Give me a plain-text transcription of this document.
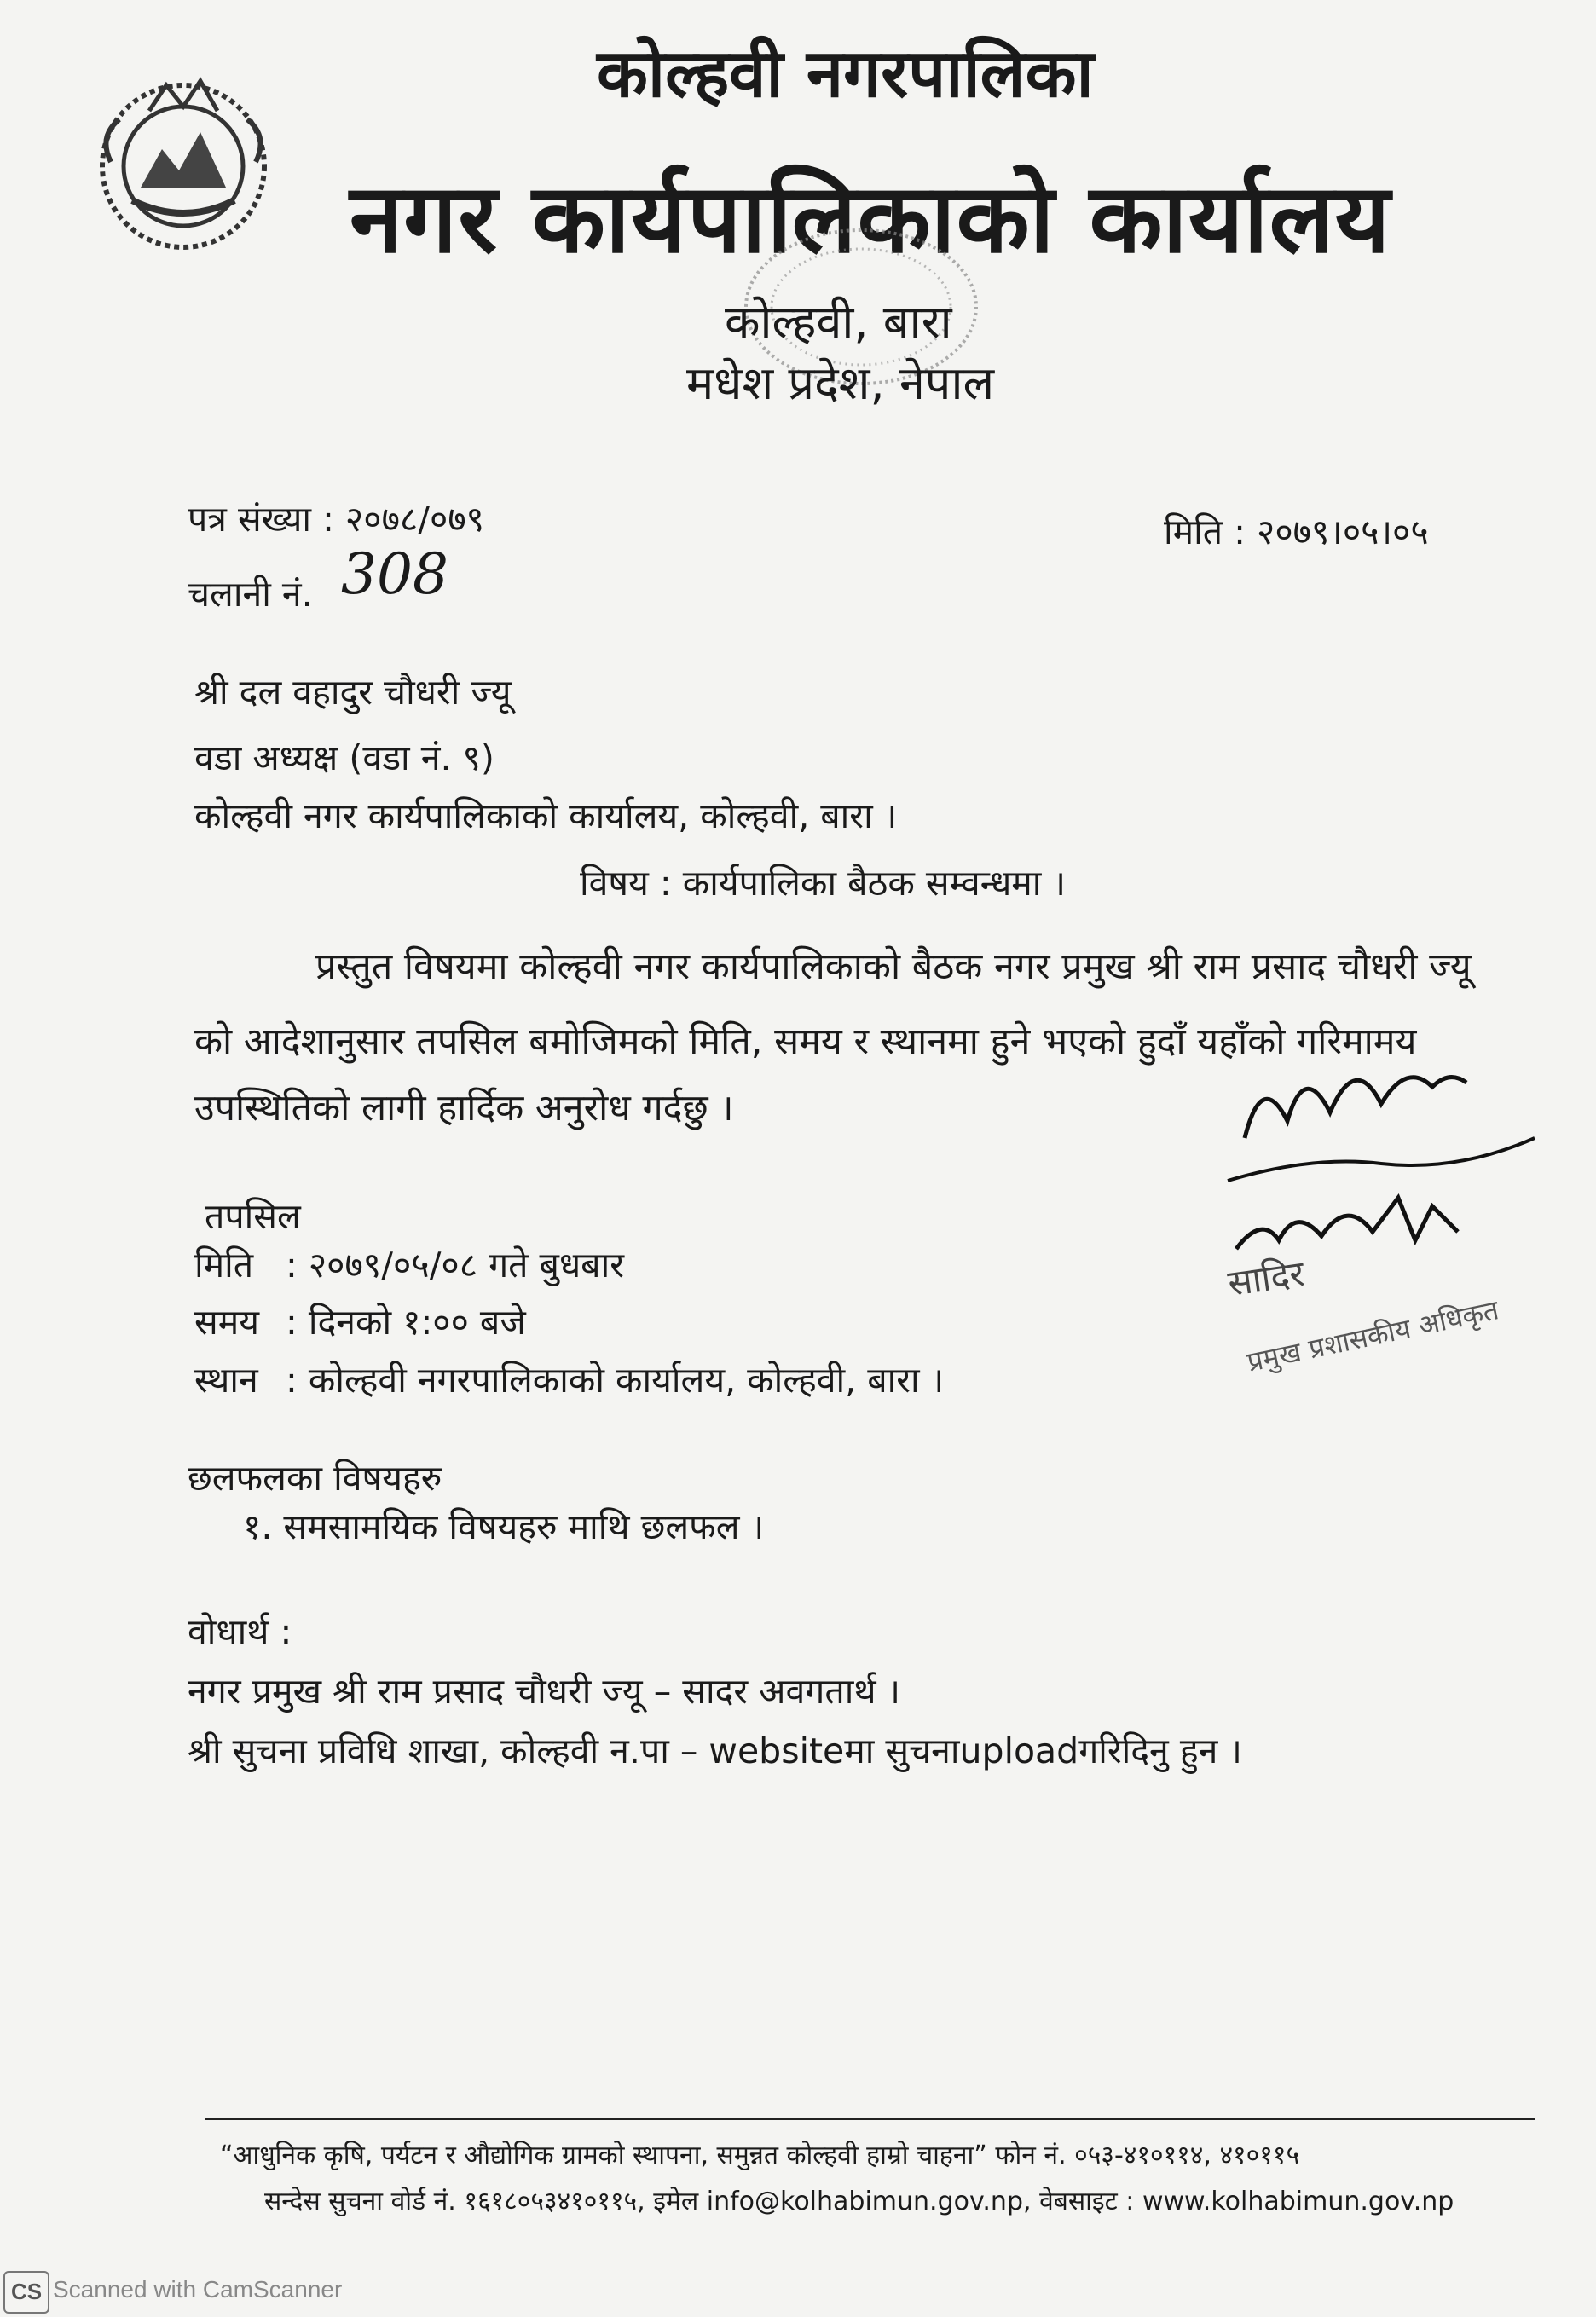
कोल्हवी नगरपालिका
नगर कार्यपालिकाको कार्यालय
कोल्हवी, बारा
मधेश प्रदेश, नेपाल
पत्र संख्या : २०७८/०७९	मिति : २०७९।०५।०५
चलानी नं. 308
श्री दल वहादुर चौधरी ज्यू
वडा अध्यक्ष (वडा नं. ९)
कोल्हवी नगर कार्यपालिकाको कार्यालय, कोल्हवी, बारा ।
विषय : कार्यपालिका बैठक सम्वन्धमा ।
प्रस्तुत विषयमा कोल्हवी नगर कार्यपालिकाको बैठक नगर प्रमुख श्री राम प्रसाद चौधरी ज्यू
को आदेशानुसार तपसिल बमोजिमको मिति, समय र स्थानमा हुने भएको हुदाँ यहाँको गरिमामय
उपस्थितिको लागी हार्दिक अनुरोध गर्दछु ।
तपसिल
मिति : २०७९/०५/०८ गते बुधबार
समय : दिनको १:०० बजे
स्थान : कोल्हवी नगरपालिकाको कार्यालय, कोल्हवी, बारा ।
छलफलका विषयहरु
१. समसामयिक विषयहरु माथि छलफल ।
वोधार्थ :
नगर प्रमुख श्री राम प्रसाद चौधरी ज्यू – सादर अवगतार्थ ।
श्री सुचना प्रविधि शाखा, कोल्हवी न.पा – websiteमा सुचनाuploadगरिदिनु हुन ।
सादिर
प्रमुख प्रशासकीय अधिकृत
“आधुनिक कृषि, पर्यटन र औद्योगिक ग्रामको स्थापना, समुन्नत कोल्हवी हाम्रो चाहना” फोन नं. ०५३-४१०११४, ४१०११५
सन्देस सुचना वोर्ड नं. १६१८०५३४१०११५, इमेल info@kolhabimun.gov.np, वेबसाइट : www.kolhabimun.gov.np
CS Scanned with CamScanner
